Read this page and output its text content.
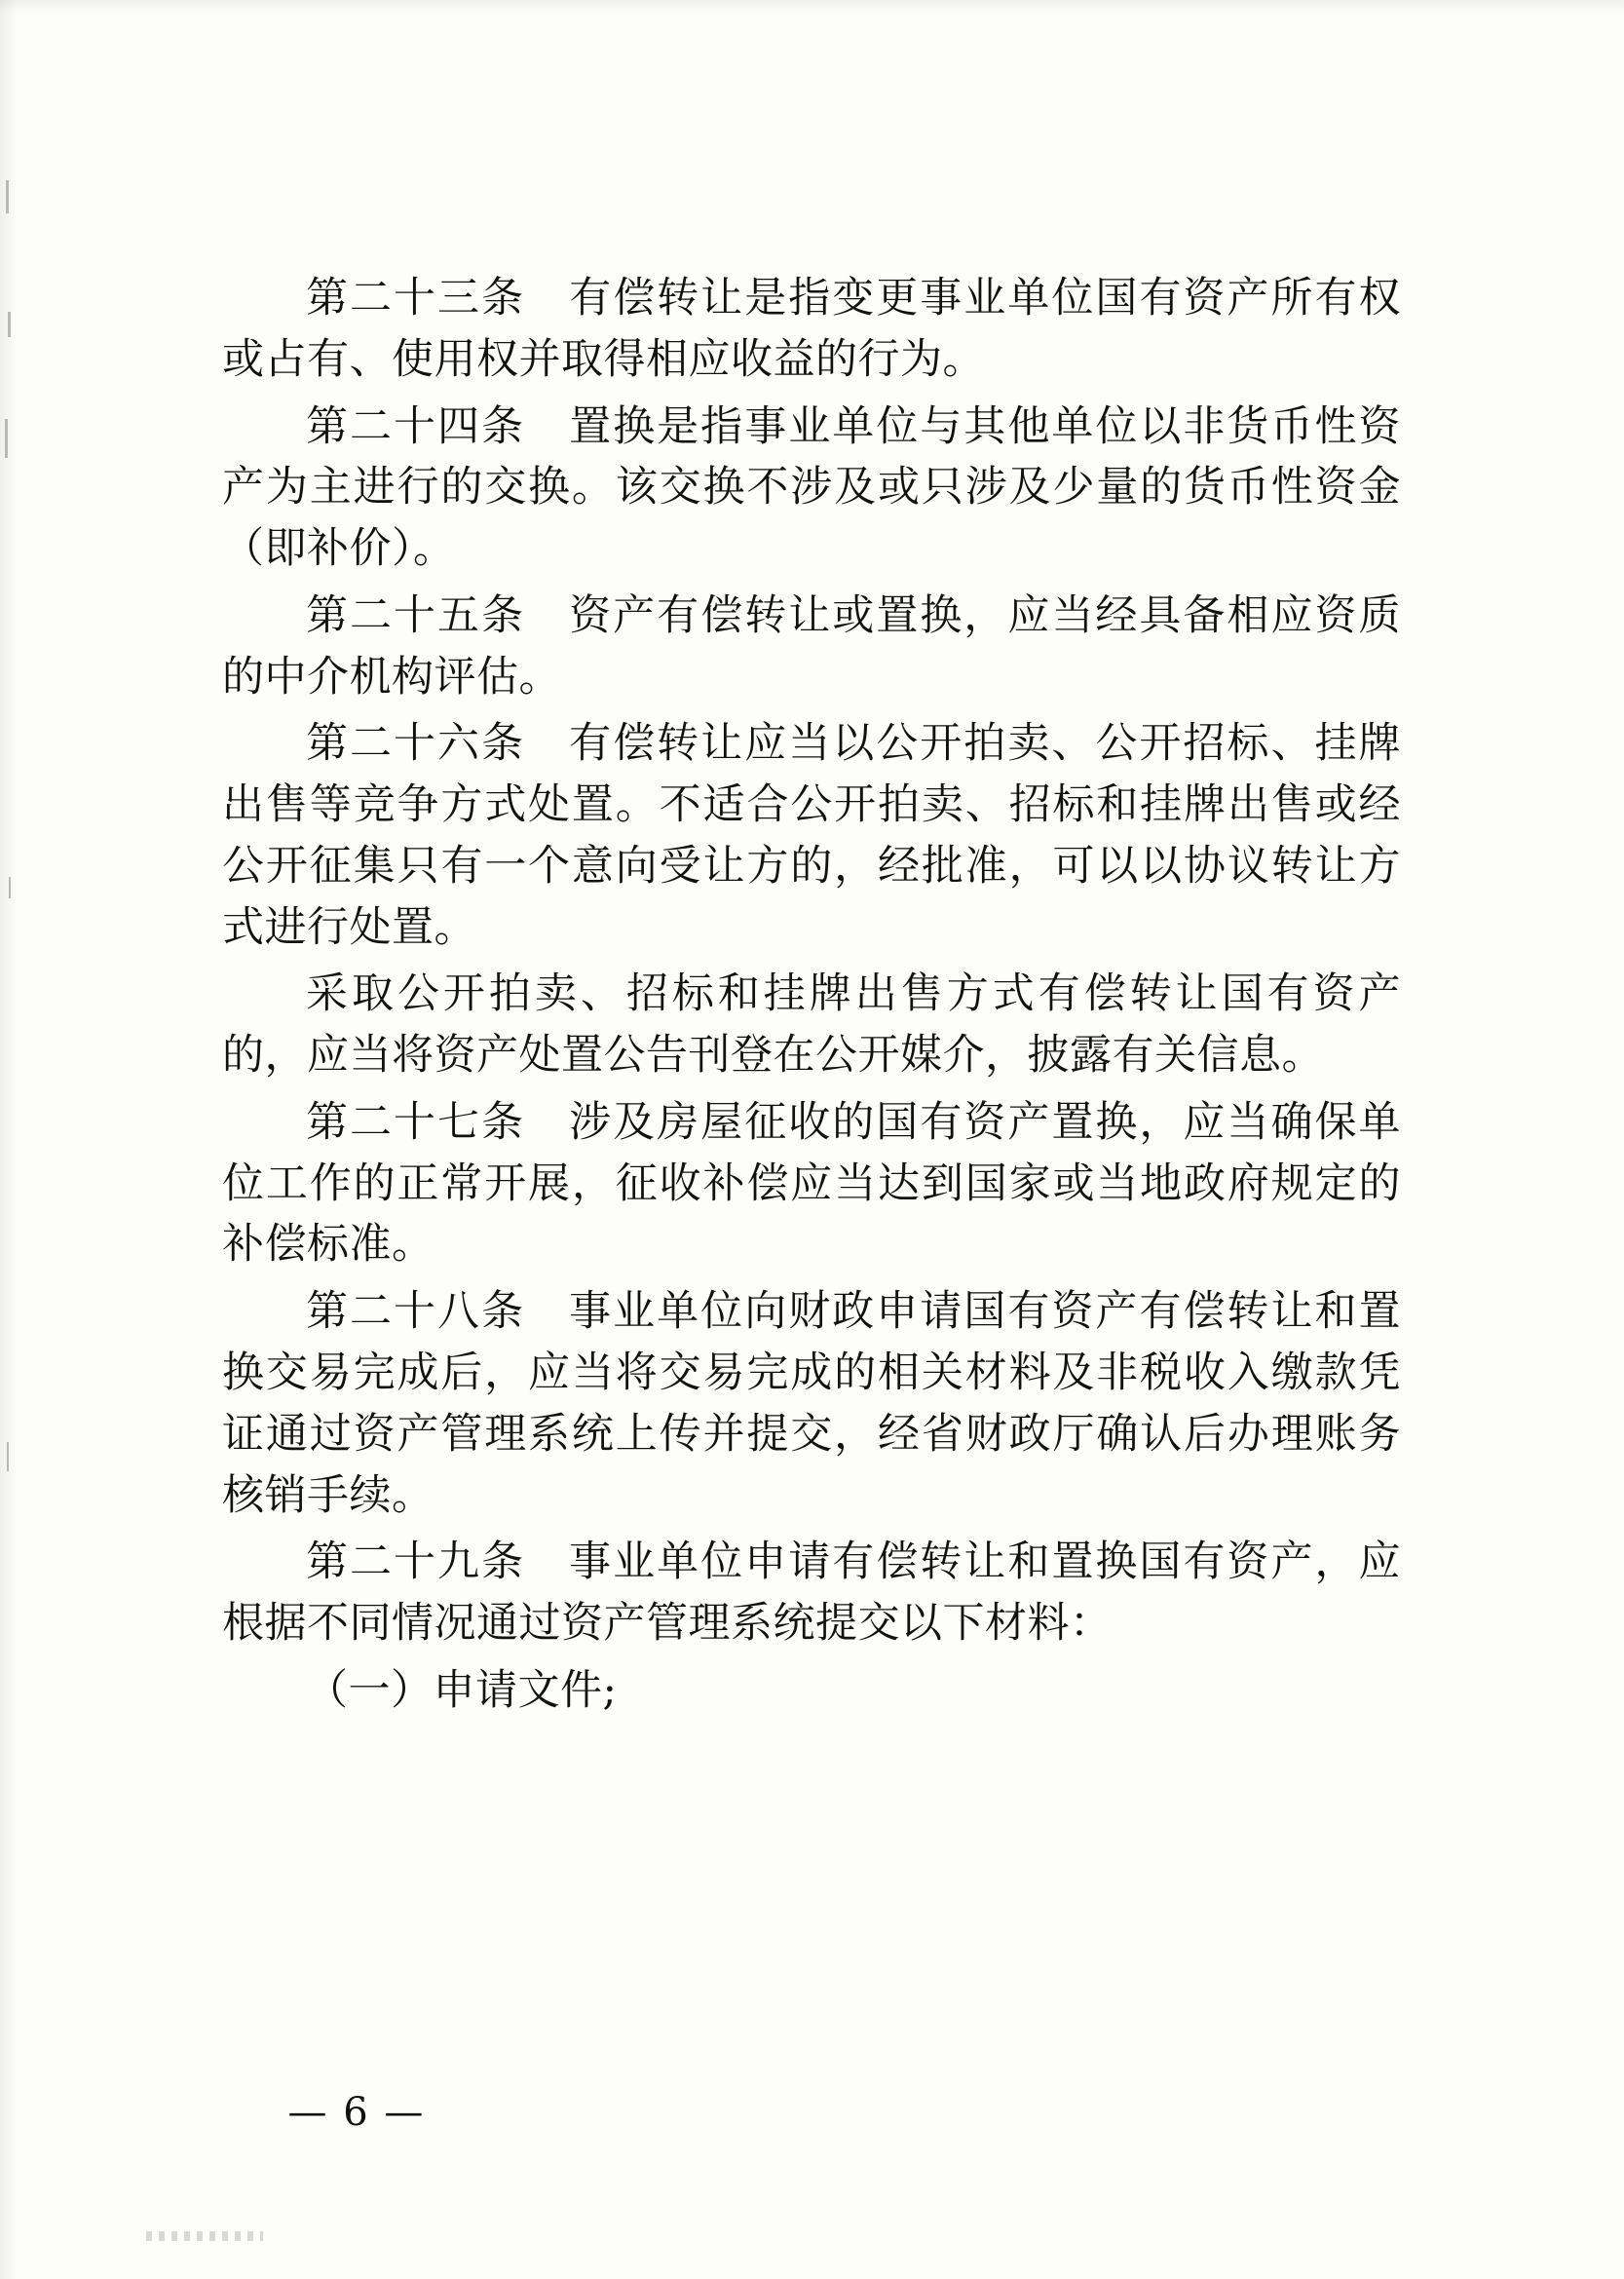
第二十三条　有偿转让是指变更事业单位国有资产所有权或占有、使用权并取得相应收益的行为。

第二十四条　置换是指事业单位与其他单位以非货币性资产为主进行的交换。该交换不涉及或只涉及少量的货币性资金（即补价）。

第二十五条　资产有偿转让或置换，应当经具备相应资质的中介机构评估。

第二十六条　有偿转让应当以公开拍卖、公开招标、挂牌出售等竞争方式处置。不适合公开拍卖、招标和挂牌出售或经公开征集只有一个意向受让方的，经批准，可以以协议转让方式进行处置。

采取公开拍卖、招标和挂牌出售方式有偿转让国有资产的，应当将资产处置公告刊登在公开媒介，披露有关信息。

第二十七条　涉及房屋征收的国有资产置换，应当确保单位工作的正常开展，征收补偿应当达到国家或当地政府规定的补偿标准。

第二十八条　事业单位向财政申请国有资产有偿转让和置换交易完成后，应当将交易完成的相关材料及非税收入缴款凭证通过资产管理系统上传并提交，经省财政厅确认后办理账务核销手续。

第二十九条　事业单位申请有偿转让和置换国有资产，应根据不同情况通过资产管理系统提交以下材料：

（一）申请文件;

— 6 —
